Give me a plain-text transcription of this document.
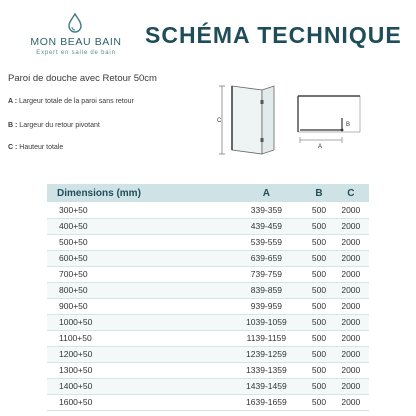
MON BEAU BAIN
Expert en salle de bain
SCHÉMA TECHNIQUE
Paroi de douche avec Retour 50cm
A : Largeur totale de la paroi sans retour
B : Largeur du retour pivotant
C : Hauteur totale
C
A
B
Dimensions (mm)	A	B	C
300+50	339-359	500	2000
400+50	439-459	500	2000
500+50	539-559	500	2000
600+50	639-659	500	2000
700+50	739-759	500	2000
800+50	839-859	500	2000
900+50	939-959	500	2000
1000+50	1039-1059	500	2000
1100+50	1139-1159	500	2000
1200+50	1239-1259	500	2000
1300+50	1339-1359	500	2000
1400+50	1439-1459	500	2000
1600+50	1639-1659	500	2000
